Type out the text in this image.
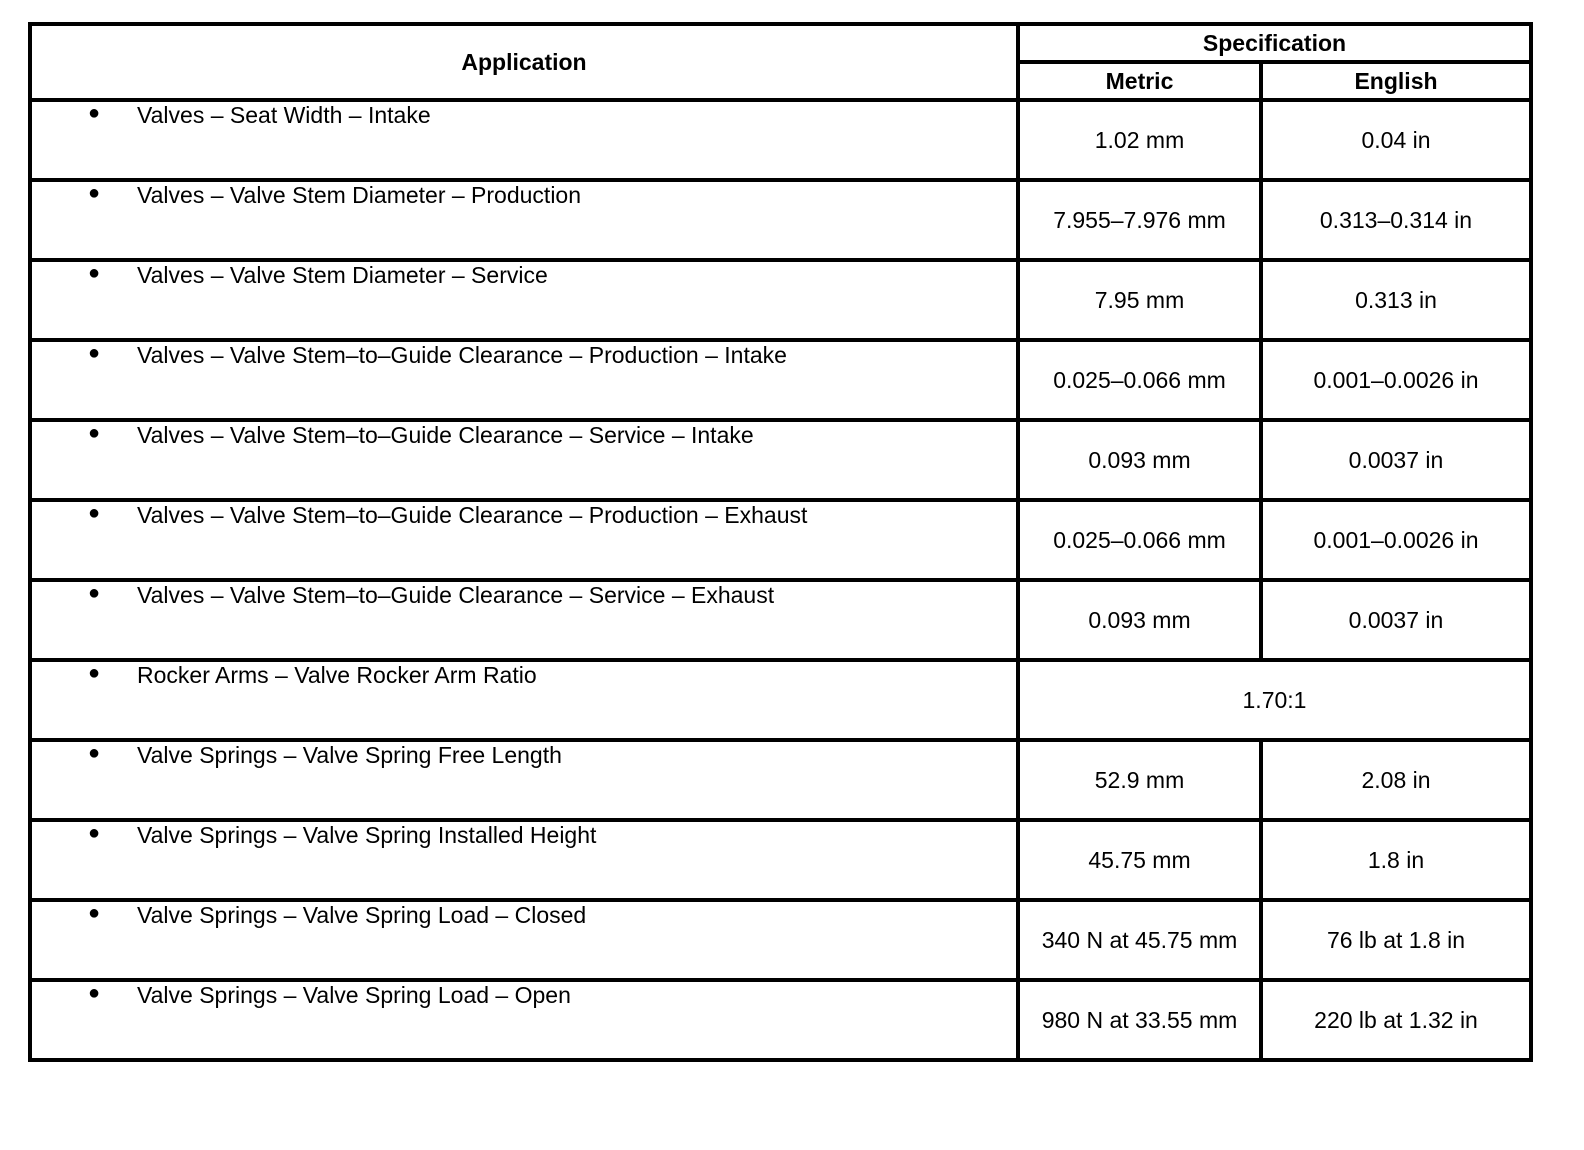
Application	Specification	
	Metric	English
● Valves – Seat Width – Intake	1.02 mm	0.04 in
● Valves – Valve Stem Diameter – Production	7.955–7.976 mm	0.313–0.314 in
● Valves – Valve Stem Diameter – Service	7.95 mm	0.313 in
● Valves – Valve Stem–to–Guide Clearance – Production – Intake	0.025–0.066 mm	0.001–0.0026 in
● Valves – Valve Stem–to–Guide Clearance – Service – Intake	0.093 mm	0.0037 in
● Valves – Valve Stem–to–Guide Clearance – Production – Exhaust	0.025–0.066 mm	0.001–0.0026 in
● Valves – Valve Stem–to–Guide Clearance – Service – Exhaust	0.093 mm	0.0037 in
● Rocker Arms – Valve Rocker Arm Ratio	1.70:1	
● Valve Springs – Valve Spring Free Length	52.9 mm	2.08 in
● Valve Springs – Valve Spring Installed Height	45.75 mm	1.8 in
● Valve Springs – Valve Spring Load – Closed	340 N at 45.75 mm	76 lb at 1.8 in
● Valve Springs – Valve Spring Load – Open	980 N at 33.55 mm	220 lb at 1.32 in
